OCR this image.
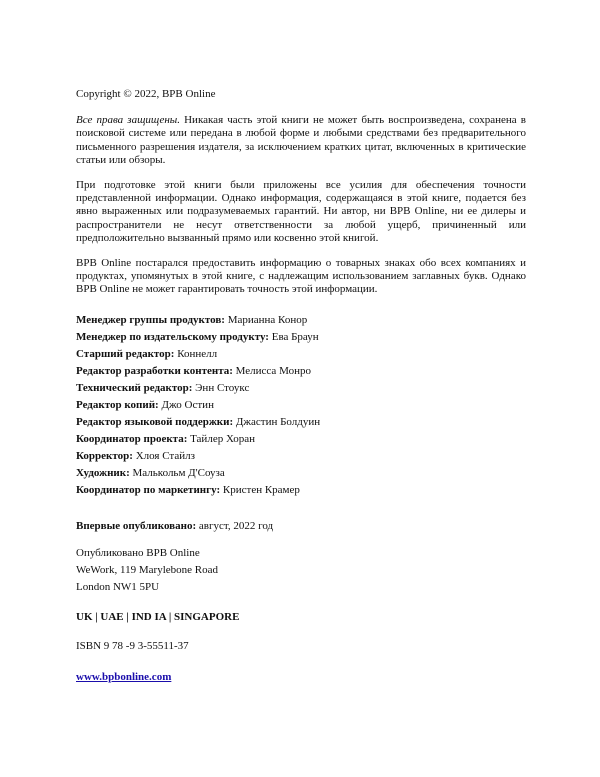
Copyright © 2022, BPB Online

Все права защищены. Никакая часть этой книги не может быть воспроизведена, сохранена в поисковой системе или передана в любой форме и любыми средствами без предварительного письменного разрешения издателя, за исключением кратких цитат, включенных в критические статьи или обзоры.

При подготовке этой книги были приложены все усилия для обеспечения точности представленной информации. Однако информация, содержащаяся в этой книге, подается без явно выраженных или подразумеваемых гарантий. Ни автор, ни BPB Online, ни ее дилеры и распространители не несут ответственности за любой ущерб, причиненный или предположительно вызванный прямо или косвенно этой книгой.

BPB Online постарался предоставить информацию о товарных знаках обо всех компаниях и продуктах, упомянутых в этой книге, с надлежащим использованием заглавных букв. Однако BPB Online не может гарантировать точность этой информации.

Менеджер группы продуктов: Марианна Конор
Менеджер по издательскому продукту: Ева Браун
Старший редактор: Коннелл
Редактор разработки контента: Мелисса Монро
Технический редактор: Энн Стоукс
Редактор копий: Джо Остин
Редактор языковой поддержки: Джастин Болдуин
Координатор проекта: Тайлер Хоран
Корректор: Хлоя Стайлз
Художник: Малькольм Д'Соуза
Координатор по маркетингу: Кристен Крамер
Впервые опубликовано: август, 2022 год
Опубликовано BPB Online
WeWork, 119 Marylebone Road
London NW1 5PU
UK | UAE | IND IA | SINGAPORE
ISBN 9 78 -9 3-55511-37
www.bpbonline.com
